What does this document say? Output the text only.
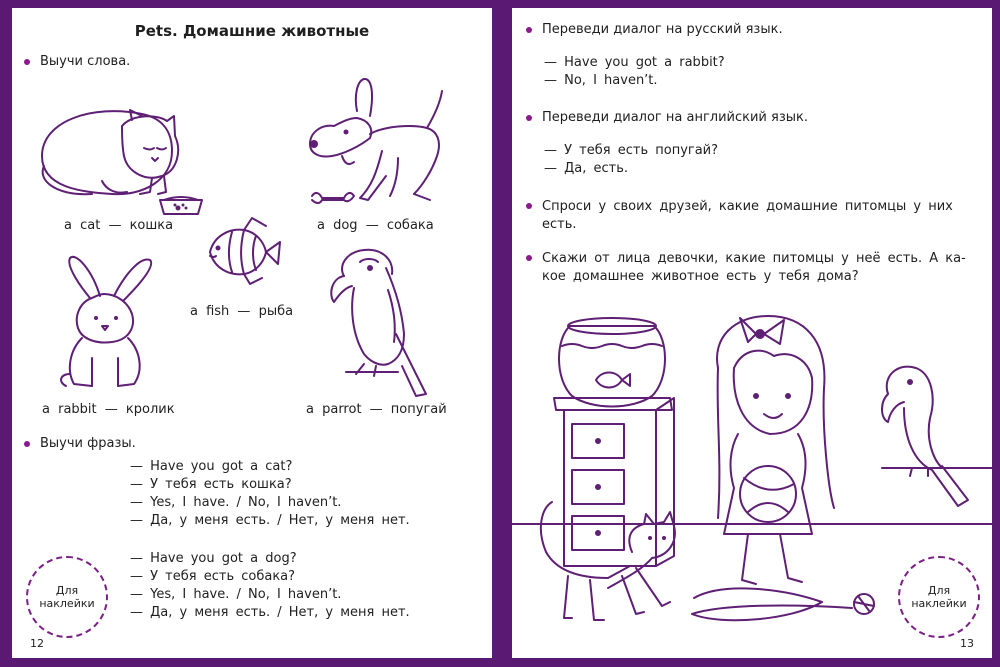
Pets. Домашние животные
Выучи слова.
a cat — кошка	a dog — собака
a fish — рыба
a rabbit — кролик	a parrot — попугай
Выучи фразы.
— Have you got a cat?
— У тебя есть кошка?
— Yes, I have. / No, I haven’t.
— Да, у меня есть. / Нет, у меня нет.
— Have you got a dog?
— У тебя есть собака?
— Yes, I have. / No, I haven’t.
— Да, у меня есть. / Нет, у меня нет.
Для
наклейки
12
Переведи диалог на русский язык.
— Have you got a rabbit?
— No, I haven’t.
Переведи диалог на английский язык.
— У тебя есть попугай?
— Да, есть.
Спроси у своих друзей, какие домашние питомцы у них
есть.
Скажи от лица девочки, какие питомцы у неё есть. А ка-
кое домашнее животное есть у тебя дома?
Для
наклейки
13
